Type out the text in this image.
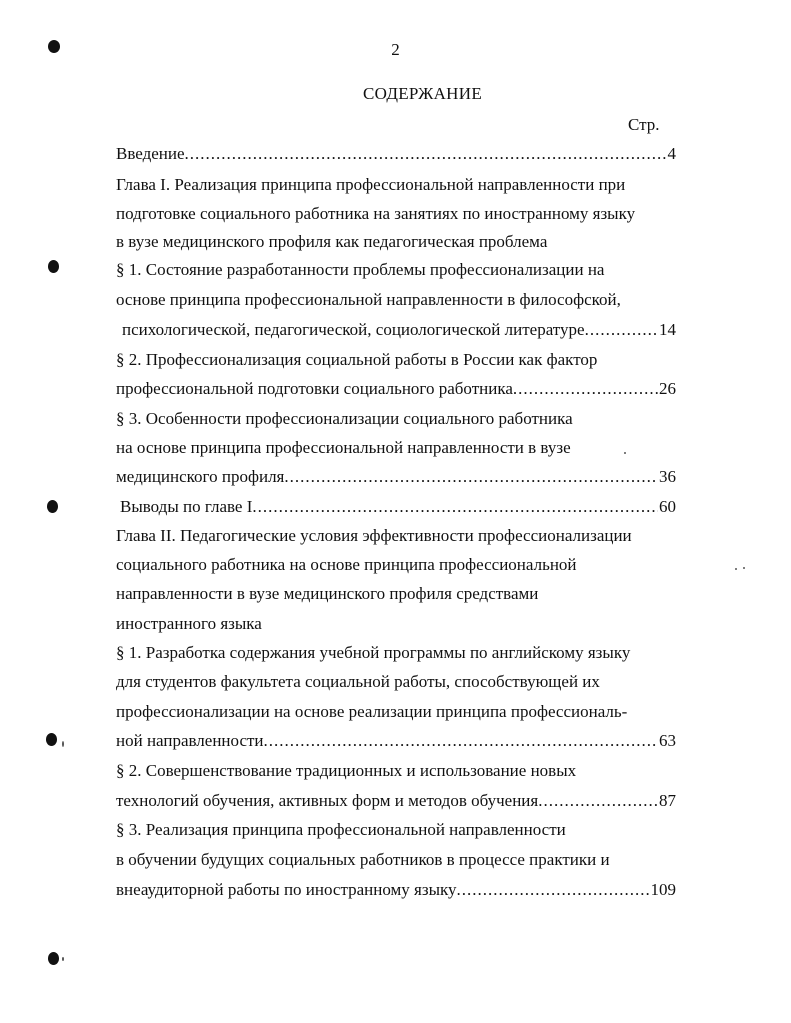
2
СОДЕРЖАНИЕ
Стр.
Введение .....	4
Глава I. Реализация принципа профессиональной направленности при
подготовке социального работника на занятиях по иностранному языку
в вузе медицинского профиля как педагогическая проблема
§ 1. Состояние разработанности проблемы профессионализации на
основе принципа профессиональной направленности в философской,
психологической, педагогической, социологической литературе .....	14
§ 2. Профессионализация социальной работы в России как фактор
профессиональной подготовки социального работника .....	26
§ 3. Особенности профессионализации социального работника
на основе принципа профессиональной направленности в вузе
медицинского профиля .....	36
Выводы по главе I .....	60
Глава II. Педагогические условия эффективности профессионализации
социального работника на основе принципа профессиональной
направленности в вузе медицинского профиля средствами
иностранного языка
§ 1. Разработка содержания учебной программы по английскому языку
для студентов факультета социальной работы, способствующей их
профессионализации на основе реализации принципа профессиональ-
ной направленности .....	63
§ 2. Совершенствование традиционных и использование новых
технологий обучения, активных форм и методов обучения .....	87
§ 3. Реализация принципа профессиональной направленности
в обучении будущих социальных работников в процессе практики и
внеаудиторной работы по иностранному языку .....	109
